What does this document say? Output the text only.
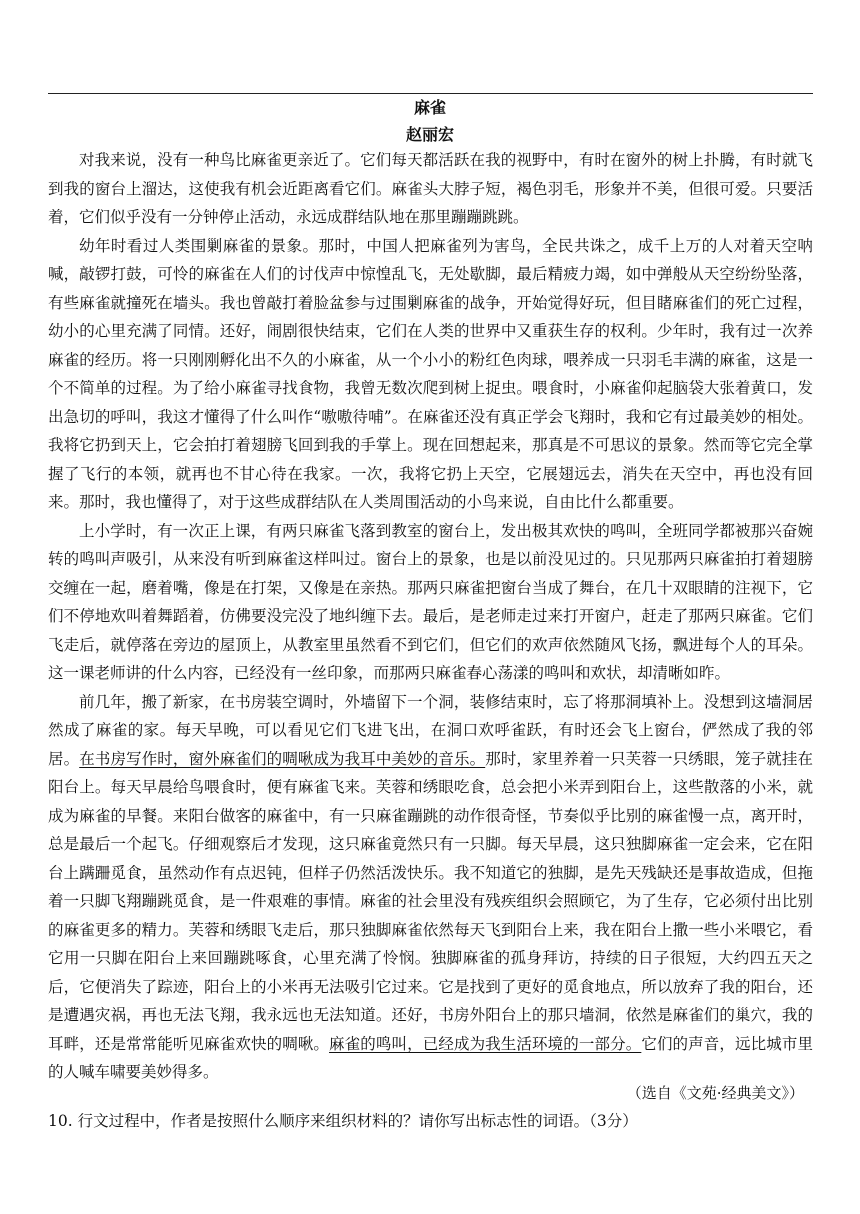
麻雀
赵丽宏

对我来说，没有一种鸟比麻雀更亲近了。它们每天都活跃在我的视野中，有时在窗外的树上扑腾，有时就飞到我的窗台上溜达，这使我有机会近距离看它们。麻雀头大脖子短，褐色羽毛，形象并不美，但很可爱。只要活着，它们似乎没有一分钟停止活动，永远成群结队地在那里蹦蹦跳跳。

幼年时看过人类围剿麻雀的景象。那时，中国人把麻雀列为害鸟，全民共诛之，成千上万的人对着天空呐喊，敲锣打鼓，可怜的麻雀在人们的讨伐声中惊惶乱飞，无处歇脚，最后精疲力竭，如中弹般从天空纷纷坠落，有些麻雀就撞死在墙头。我也曾敲打着脸盆参与过围剿麻雀的战争，开始觉得好玩，但目睹麻雀们的死亡过程，幼小的心里充满了同情。还好，闹剧很快结束，它们在人类的世界中又重获生存的权利。少年时，我有过一次养麻雀的经历。将一只刚刚孵化出不久的小麻雀，从一个小小的粉红色肉球，喂养成一只羽毛丰满的麻雀，这是一个不简单的过程。为了给小麻雀寻找食物，我曾无数次爬到树上捉虫。喂食时，小麻雀仰起脑袋大张着黄口，发出急切的呼叫，我这才懂得了什么叫作“嗷嗷待哺”。在麻雀还没有真正学会飞翔时，我和它有过最美妙的相处。我将它扔到天上，它会拍打着翅膀飞回到我的手掌上。现在回想起来，那真是不可思议的景象。然而等它完全掌握了飞行的本领，就再也不甘心待在我家。一次，我将它扔上天空，它展翅远去，消失在天空中，再也没有回来。那时，我也懂得了，对于这些成群结队在人类周围活动的小鸟来说，自由比什么都重要。

上小学时，有一次正上课，有两只麻雀飞落到教室的窗台上，发出极其欢快的鸣叫，全班同学都被那兴奋婉转的鸣叫声吸引，从来没有听到麻雀这样叫过。窗台上的景象，也是以前没见过的。只见那两只麻雀拍打着翅膀交缠在一起，磨着嘴，像是在打架，又像是在亲热。那两只麻雀把窗台当成了舞台，在几十双眼睛的注视下，它们不停地欢叫着舞蹈着，仿佛要没完没了地纠缠下去。最后，是老师走过来打开窗户，赶走了那两只麻雀。它们飞走后，就停落在旁边的屋顶上，从教室里虽然看不到它们，但它们的欢声依然随风飞扬，飘进每个人的耳朵。这一课老师讲的什么内容，已经没有一丝印象，而那两只麻雀春心荡漾的鸣叫和欢状，却清晰如昨。

前几年，搬了新家，在书房装空调时，外墙留下一个洞，装修结束时，忘了将那洞填补上。没想到这墙洞居然成了麻雀的家。每天早晚，可以看见它们飞进飞出，在洞口欢呼雀跃，有时还会飞上窗台，俨然成了我的邻居。在书房写作时，窗外麻雀们的啁啾成为我耳中美妙的音乐。那时，家里养着一只芙蓉一只绣眼，笼子就挂在阳台上。每天早晨给鸟喂食时，便有麻雀飞来。芙蓉和绣眼吃食，总会把小米弄到阳台上，这些散落的小米，就成为麻雀的早餐。来阳台做客的麻雀中，有一只麻雀蹦跳的动作很奇怪，节奏似乎比别的麻雀慢一点，离开时，总是最后一个起飞。仔细观察后才发现，这只麻雀竟然只有一只脚。每天早晨，这只独脚麻雀一定会来，它在阳台上蹒跚觅食，虽然动作有点迟钝，但样子仍然活泼快乐。我不知道它的独脚，是先天残缺还是事故造成，但拖着一只脚飞翔蹦跳觅食，是一件艰难的事情。麻雀的社会里没有残疾组织会照顾它，为了生存，它必须付出比别的麻雀更多的精力。芙蓉和绣眼飞走后，那只独脚麻雀依然每天飞到阳台上来，我在阳台上撒一些小米喂它，看它用一只脚在阳台上来回蹦跳啄食，心里充满了怜悯。独脚麻雀的孤身拜访，持续的日子很短，大约四五天之后，它便消失了踪迹，阳台上的小米再无法吸引它过来。它是找到了更好的觅食地点，所以放弃了我的阳台，还是遭遇灾祸，再也无法飞翔，我永远也无法知道。还好，书房外阳台上的那只墙洞，依然是麻雀们的巢穴，我的耳畔，还是常常能听见麻雀欢快的啁啾。麻雀的鸣叫，已经成为我生活环境的一部分。它们的声音，远比城市里的人喊车啸要美妙得多。

（选自《文苑·经典美文》）
10. 行文过程中，作者是按照什么顺序来组织材料的？请你写出标志性的词语。（3分）
